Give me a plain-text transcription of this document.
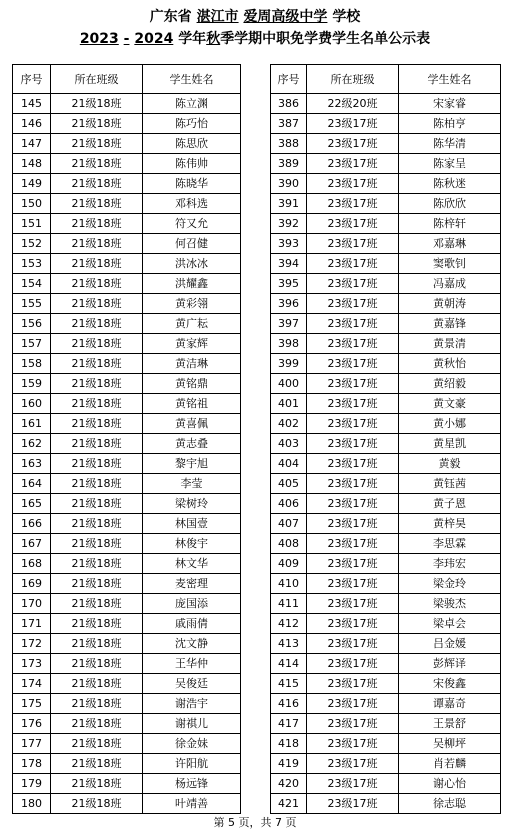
广东省 湛江市 爱周高级中学 学校
2023 - 2024 学年秋季学期中职免学费学生名单公示表
序号	所在班级	学生姓名
145	21级18班	陈立渊
146	21级18班	陈巧怡
147	21级18班	陈思欣
148	21级18班	陈伟帅
149	21级18班	陈晓华
150	21级18班	邓科选
151	21级18班	符又允
152	21级18班	何召健
153	21级18班	洪冰冰
154	21级18班	洪耀鑫
155	21级18班	黄彩翎
156	21级18班	黄广耘
157	21级18班	黄家辉
158	21级18班	黄洁琳
159	21级18班	黄铭鼎
160	21级18班	黄铭祖
161	21级18班	黄喜佩
162	21级18班	黄志叠
163	21级18班	黎宇旭
164	21级18班	李莹
165	21级18班	梁树玲
166	21级18班	林国壹
167	21级18班	林俊宇
168	21级18班	林文华
169	21级18班	麦密理
170	21级18班	庞国添
171	21级18班	戚雨倩
172	21级18班	沈文静
173	21级18班	王华仲
174	21级18班	吴俊廷
175	21级18班	谢浩宇
176	21级18班	谢祺儿
177	21级18班	徐金妹
178	21级18班	许阳航
179	21级18班	杨远锋
180	21级18班	叶靖善
序号	所在班级	学生姓名
386	22级20班	宋家睿
387	23级17班	陈柏亨
388	23级17班	陈华清
389	23级17班	陈家呈
390	23级17班	陈秋迷
391	23级17班	陈欣欣
392	23级17班	陈梓轩
393	23级17班	邓嘉琳
394	23级17班	窦歌钊
395	23级17班	冯嘉成
396	23级17班	黄朝涛
397	23级17班	黄嘉锋
398	23级17班	黄景清
399	23级17班	黄秋怡
400	23级17班	黄绍毅
401	23级17班	黄文豪
402	23级17班	黄小娜
403	23级17班	黄星凯
404	23级17班	黄毅
405	23级17班	黄钰茜
406	23级17班	黄子恩
407	23级17班	黄梓昊
408	23级17班	李思霖
409	23级17班	李玮宏
410	23级17班	梁金玲
411	23级17班	梁骏杰
412	23级17班	梁卓会
413	23级17班	吕金媛
414	23级17班	彭辉译
415	23级17班	宋俊鑫
416	23级17班	谭嘉奇
417	23级17班	王景舒
418	23级17班	吴柳坪
419	23级17班	肖若麟
420	23级17班	谢心怡
421	23级17班	徐志聪
第 5 页，共 7 页
